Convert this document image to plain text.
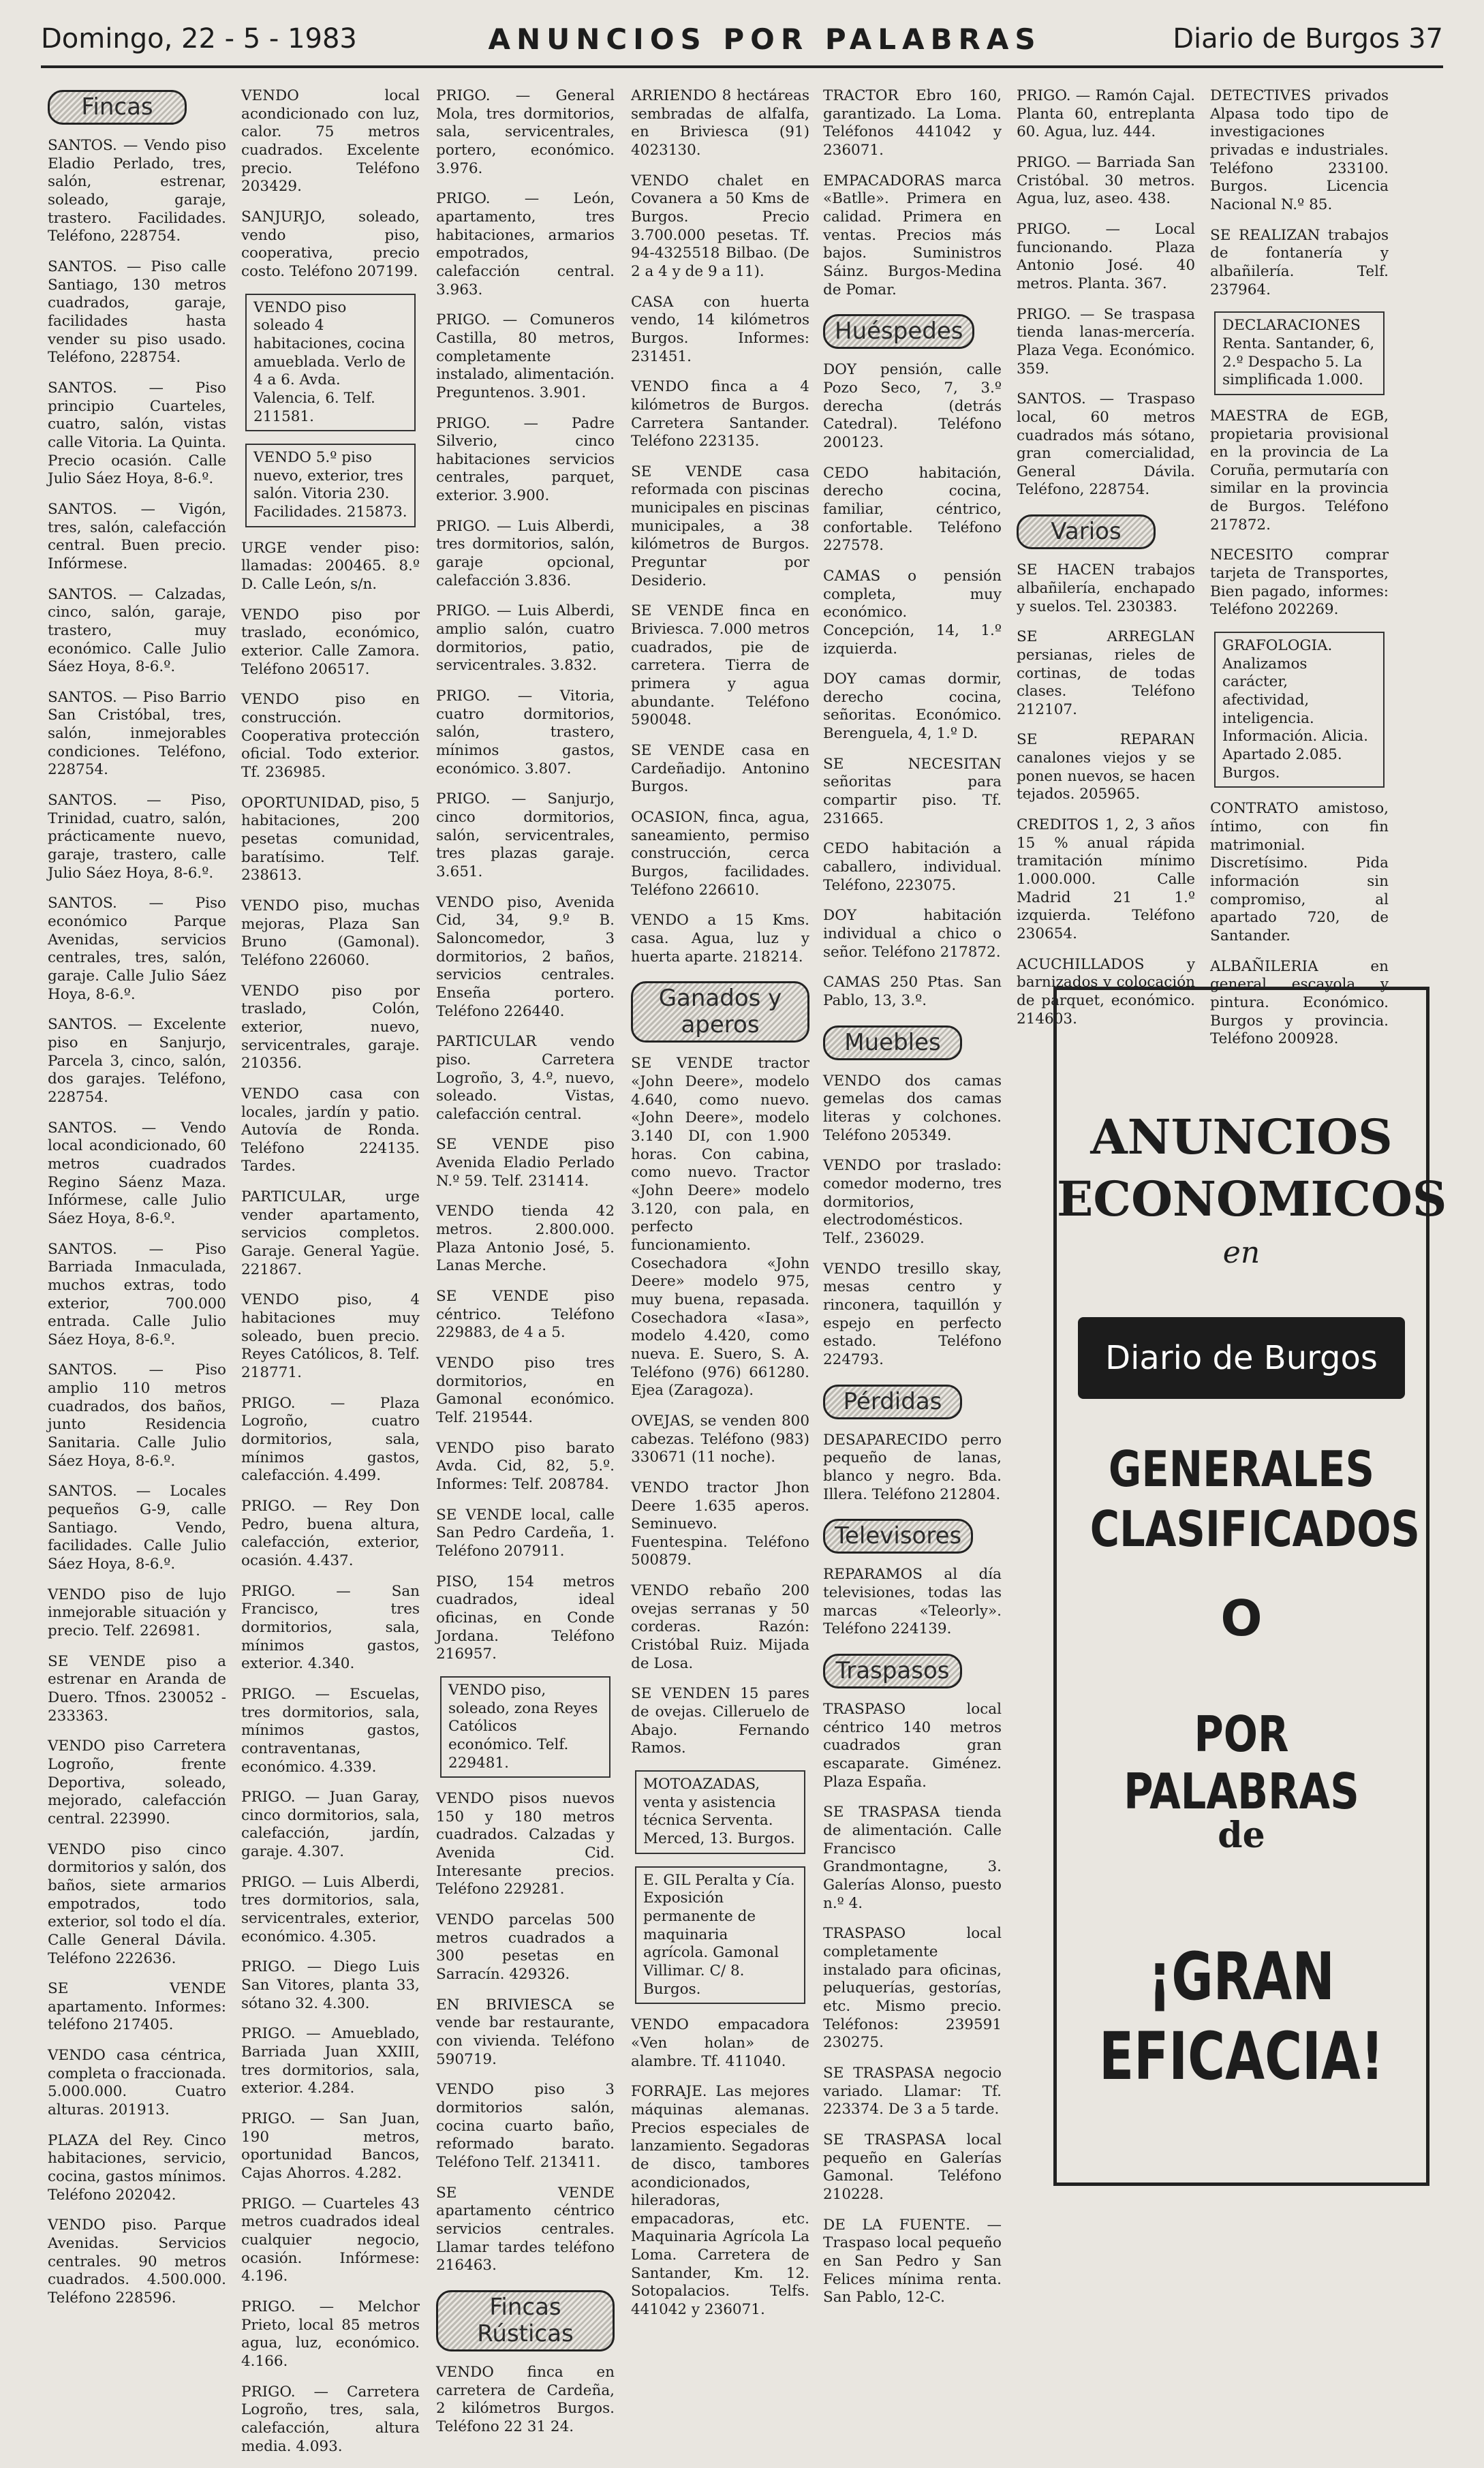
Domingo, 22 - 5 - 1983	ANUNCIOS POR PALABRAS	Diario de Burgos 37
Fincas
SANTOS. — Vendo piso Eladio Perlado, tres, salón, estrenar, soleado, garaje, trastero. Facilidades. Teléfono, 228754.
SANTOS. — Piso calle Santiago, 130 metros cuadrados, garaje, facilidades hasta vender su piso usado. Teléfono, 228754.
SANTOS. — Piso principio Cuarteles, cuatro, salón, vistas calle Vitoria. La Quinta. Precio ocasión. Calle Julio Sáez Hoya, 8-6.º.
SANTOS. — Vigón, tres, salón, calefacción central. Buen precio. Infórmese.
SANTOS. — Calzadas, cinco, salón, garaje, trastero, muy económico. Calle Julio Sáez Hoya, 8-6.º.
SANTOS. — Piso Barrio San Cristóbal, tres, salón, inmejorables condiciones. Teléfono, 228754.
SANTOS. — Piso, Trinidad, cuatro, salón, prácticamente nuevo, garaje, trastero, calle Julio Sáez Hoya, 8-6.º.
SANTOS. — Piso económico Parque Avenidas, servicios centrales, tres, salón, garaje. Calle Julio Sáez Hoya, 8-6.º.
SANTOS. — Excelente piso en Sanjurjo, Parcela 3, cinco, salón, dos garajes. Teléfono, 228754.
SANTOS. — Vendo local acondicionado, 60 metros cuadrados Regino Sáenz Maza. Infórmese, calle Julio Sáez Hoya, 8-6.º.
SANTOS. — Piso Barriada Inmaculada, muchos extras, todo exterior, 700.000 entrada. Calle Julio Sáez Hoya, 8-6.º.
SANTOS. — Piso amplio 110 metros cuadrados, dos baños, junto Residencia Sanitaria. Calle Julio Sáez Hoya, 8-6.º.
SANTOS. — Locales pequeños G-9, calle Santiago. Vendo, facilidades. Calle Julio Sáez Hoya, 8-6.º.
VENDO piso de lujo inmejorable situación y precio. Telf. 226981.
SE VENDE piso a estrenar en Aranda de Duero. Tfnos. 230052 - 233363.
VENDO piso Carretera Logroño, frente Deportiva, soleado, mejorado, calefacción central. 223990.
VENDO piso cinco dormitorios y salón, dos baños, siete armarios empotrados, todo exterior, sol todo el día. Calle General Dávila. Teléfono 222636.
SE VENDE apartamento. Informes: teléfono 217405.
VENDO casa céntrica, completa o fraccionada. 5.000.000. Cuatro alturas. 201913.
PLAZA del Rey. Cinco habitaciones, servicio, cocina, gastos mínimos. Teléfono 202042.
VENDO piso. Parque Avenidas. Servicios centrales. 90 metros cuadrados. 4.500.000. Teléfono 228596.
VENDO local acondicionado con luz, calor. 75 metros cuadrados. Excelente precio. Teléfono 203429.
SANJURJO, soleado, vendo piso, cooperativa, precio costo. Teléfono 207199.
VENDO piso soleado 4 habitaciones, cocina amueblada. Verlo de 4 a 6. Avda. Valencia, 6. Telf. 211581.
VENDO 5.º piso nuevo, exterior, tres salón. Vitoria 230. Facilidades. 215873.
URGE vender piso: llamadas: 200465. 8.º D. Calle León, s/n.
VENDO piso por traslado, económico, exterior. Calle Zamora. Teléfono 206517.
VENDO piso en construcción. Cooperativa protección oficial. Todo exterior. Tf. 236985.
OPORTUNIDAD, piso, 5 habitaciones, 200 pesetas comunidad, baratísimo. Telf. 238613.
VENDO piso, muchas mejoras, Plaza San Bruno (Gamonal). Teléfono 226060.
VENDO piso por traslado, Colón, exterior, nuevo, servicentrales, garaje. 210356.
VENDO casa con locales, jardín y patio. Autovía de Ronda. Teléfono 224135. Tardes.
PARTICULAR, urge vender apartamento, servicios completos. Garaje. General Yagüe. 221867.
VENDO piso, 4 habitaciones muy soleado, buen precio. Reyes Católicos, 8. Telf. 218771.
PRIGO. — Plaza Logroño, cuatro dormitorios, sala, mínimos gastos, calefacción. 4.499.
PRIGO. — Rey Don Pedro, buena altura, calefacción, exterior, ocasión. 4.437.
PRIGO. — San Francisco, tres dormitorios, sala, mínimos gastos, exterior. 4.340.
PRIGO. — Escuelas, tres dormitorios, sala, mínimos gastos, contraventanas, económico. 4.339.
PRIGO. — Juan Garay, cinco dormitorios, sala, calefacción, jardín, garaje. 4.307.
PRIGO. — Luis Alberdi, tres dormitorios, sala, servicentrales, exterior, económico. 4.305.
PRIGO. — Diego Luis San Vitores, planta 33, sótano 32. 4.300.
PRIGO. — Amueblado, Barriada Juan XXIII, tres dormitorios, sala, exterior. 4.284.
PRIGO. — San Juan, 190 metros, oportunidad Bancos, Cajas Ahorros. 4.282.
PRIGO. — Cuarteles 43 metros cuadrados ideal cualquier negocio, ocasión. Infórmese: 4.196.
PRIGO. — Melchor Prieto, local 85 metros agua, luz, económico. 4.166.
PRIGO. — Carretera Logroño, tres, sala, calefacción, altura media. 4.093.
PRIGO. — General Mola, tres dormitorios, sala, servicentrales, portero, económico. 3.976.
PRIGO. — León, apartamento, tres habitaciones, armarios empotrados, calefacción central. 3.963.
PRIGO. — Comuneros Castilla, 80 metros, completamente instalado, alimentación. Preguntenos. 3.901.
PRIGO. — Padre Silverio, cinco habitaciones servicios centrales, parquet, exterior. 3.900.
PRIGO. — Luis Alberdi, tres dormitorios, salón, garaje opcional, calefacción 3.836.
PRIGO. — Luis Alberdi, amplio salón, cuatro dormitorios, patio, servicentrales. 3.832.
PRIGO. — Vitoria, cuatro dormitorios, salón, trastero, mínimos gastos, económico. 3.807.
PRIGO. — Sanjurjo, cinco dormitorios, salón, servicentrales, tres plazas garaje. 3.651.
VENDO piso, Avenida Cid, 34, 9.º B. Saloncomedor, 3 dormitorios, 2 baños, servicios centrales. Enseña portero. Teléfono 226440.
PARTICULAR vendo piso. Carretera Logroño, 3, 4.º, nuevo, soleado. Vistas, calefacción central.
SE VENDE piso Avenida Eladio Perlado N.º 59. Telf. 231414.
VENDO tienda 42 metros. 2.800.000. Plaza Antonio José, 5. Lanas Merche.
SE VENDE piso céntrico. Teléfono 229883, de 4 a 5.
VENDO piso tres dormitorios, en Gamonal económico. Telf. 219544.
VENDO piso barato Avda. Cid, 82, 5.º. Informes: Telf. 208784.
SE VENDE local, calle San Pedro Cardeña, 1. Teléfono 207911.
PISO, 154 metros cuadrados, ideal oficinas, en Conde Jordana. Teléfono 216957.
VENDO piso, soleado, zona Reyes Católicos económico. Telf. 229481.
VENDO pisos nuevos 150 y 180 metros cuadrados. Calzadas y Avenida Cid. Interesante precios. Teléfono 229281.
VENDO parcelas 500 metros cuadrados a 300 pesetas en Sarracín. 429326.
EN BRIVIESCA se vende bar restaurante, con vivienda. Teléfono 590719.
VENDO piso 3 dormitorios salón, cocina cuarto baño, reformado barato. Teléfono Telf. 213411.
SE VENDE apartamento céntrico servicios centrales. Llamar tardes teléfono 216463.
Fincas Rústicas
VENDO finca en carretera de Cardeña, 2 kilómetros Burgos. Teléfono 22 31 24.
ARRIENDO 8 hectáreas sembradas de alfalfa, en Briviesca (91) 4023130.
VENDO chalet en Covanera a 50 Kms de Burgos. Precio 3.700.000 pesetas. Tf. 94-4325518 Bilbao. (De 2 a 4 y de 9 a 11).
CASA con huerta vendo, 14 kilómetros Burgos. Informes: 231451.
VENDO finca a 4 kilómetros de Burgos. Carretera Santander. Teléfono 223135.
SE VENDE casa reformada con piscinas municipales en piscinas municipales, a 38 kilómetros de Burgos. Preguntar por Desiderio.
SE VENDE finca en Briviesca. 7.000 metros cuadrados, pie de carretera. Tierra de primera y agua abundante. Teléfono 590048.
SE VENDE casa en Cardeñadijo. Antonino Burgos.
OCASION, finca, agua, saneamiento, permiso construcción, cerca Burgos, facilidades. Teléfono 226610.
VENDO a 15 Kms. casa. Agua, luz y huerta aparte. 218214.
Ganados y aperos
SE VENDE tractor «John Deere», modelo 4.640, como nuevo. «John Deere», modelo 3.140 DI, con 1.900 horas. Con cabina, como nuevo. Tractor «John Deere» modelo 3.120, con pala, en perfecto funcionamiento. Cosechadora «John Deere» modelo 975, muy buena, repasada. Cosechadora «Iasa», modelo 4.420, como nueva. E. Suero, S. A. Teléfono (976) 661280. Ejea (Zaragoza).
OVEJAS, se venden 800 cabezas. Teléfono (983) 330671 (11 noche).
VENDO tractor Jhon Deere 1.635 aperos. Seminuevo. Fuentespina. Teléfono 500879.
VENDO rebaño 200 ovejas serranas y 50 corderas. Razón: Cristóbal Ruiz. Mijada de Losa.
SE VENDEN 15 pares de ovejas. Cilleruelo de Abajo. Fernando Ramos.
MOTOAZADAS, venta y asistencia técnica Serventa. Merced, 13. Burgos.
E. GIL Peralta y Cía. Exposición permanente de maquinaria agrícola. Gamonal Villimar. C/ 8. Burgos.
VENDO empacadora «Ven holan» de alambre. Tf. 411040.
FORRAJE. Las mejores máquinas alemanas. Precios especiales de lanzamiento. Segadoras de disco, tambores acondicionados, hileradoras, empacadoras, etc. Maquinaria Agrícola La Loma. Carretera de Santander, Km. 12. Sotopalacios. Telfs. 441042 y 236071.
TRACTOR Ebro 160, garantizado. La Loma. Teléfonos 441042 y 236071.
EMPACADORAS marca «Batlle». Primera en calidad. Primera en ventas. Precios más bajos. Suministros Sáinz. Burgos-Medina de Pomar.
Huéspedes
DOY pensión, calle Pozo Seco, 7, 3.º derecha (detrás Catedral). Teléfono 200123.
CEDO habitación, derecho cocina, familiar, céntrico, confortable. Teléfono 227578.
CAMAS o pensión completa, muy económico. Concepción, 14, 1.º izquierda.
DOY camas dormir, derecho cocina, señoritas. Económico. Berenguela, 4, 1.º D.
SE NECESITAN señoritas para compartir piso. Tf. 231665.
CEDO habitación a caballero, individual. Teléfono, 223075.
DOY habitación individual a chico o señor. Teléfono 217872.
CAMAS 250 Ptas. San Pablo, 13, 3.º.
Muebles
VENDO dos camas gemelas dos camas literas y colchones. Teléfono 205349.
VENDO por traslado: comedor moderno, tres dormitorios, electrodomésticos. Telf., 236029.
VENDO tresillo skay, mesas centro y rinconera, taquillón y espejo en perfecto estado. Teléfono 224793.
Pérdidas
DESAPARECIDO perro pequeño de lanas, blanco y negro. Bda. Illera. Teléfono 212804.
Televisores
REPARAMOS al día televisiones, todas las marcas «Teleorly». Teléfono 224139.
Traspasos
TRASPASO local céntrico 140 metros cuadrados gran escaparate. Giménez. Plaza España.
SE TRASPASA tienda de alimentación. Calle Francisco Grandmontagne, 3. Galerías Alonso, puesto n.º 4.
TRASPASO local completamente instalado para oficinas, peluquerías, gestorías, etc. Mismo precio. Teléfonos: 239591 230275.
SE TRASPASA negocio variado. Llamar: Tf. 223374. De 3 a 5 tarde.
SE TRASPASA local pequeño en Galerías Gamonal. Teléfono 210228.
DE LA FUENTE. — Traspaso local pequeño en San Pedro y San Felices mínima renta. San Pablo, 12-C.
PRIGO. — Ramón Cajal. Planta 60, entreplanta 60. Agua, luz. 444.
PRIGO. — Barriada San Cristóbal. 30 metros. Agua, luz, aseo. 438.
PRIGO. — Local funcionando. Plaza Antonio José. 40 metros. Planta. 367.
PRIGO. — Se traspasa tienda lanas-mercería. Plaza Vega. Económico. 359.
SANTOS. — Traspaso local, 60 metros cuadrados más sótano, gran comercialidad, General Dávila. Teléfono, 228754.
Varios
SE HACEN trabajos albañilería, enchapado y suelos. Tel. 230383.
SE ARREGLAN persianas, rieles de cortinas, de todas clases. Teléfono 212107.
SE REPARAN canalones viejos y se ponen nuevos, se hacen tejados. 205965.
CREDITOS 1, 2, 3 años 15 % anual rápida tramitación mínimo 1.000.000. Calle Madrid 21 1.º izquierda. Teléfono 230654.
ACUCHILLADOS y barnizados y colocación de parquet, económico. 214603.
DETECTIVES privados Alpasa todo tipo de investigaciones privadas e industriales. Teléfono 233100. Burgos. Licencia Nacional N.º 85.
SE REALIZAN trabajos de fontanería y albañilería. Telf. 237964.
DECLARACIONES Renta. Santander, 6, 2.º Despacho 5. La simplificada 1.000.
MAESTRA de EGB, propietaria provisional en la provincia de La Coruña, permutaría con similar en la provincia de Burgos. Teléfono 217872.
NECESITO comprar tarjeta de Transportes, Bien pagado, informes: Teléfono 202269.
GRAFOLOGIA. Analizamos carácter, afectividad, inteligencia. Información. Alicia. Apartado 2.085. Burgos.
CONTRATO amistoso, íntimo, con fin matrimonial. Discretísimo. Pida información sin compromiso, al apartado 720, de Santander.
ALBAÑILERIA en general escayola y pintura. Económico. Burgos y provincia. Teléfono 200928.
ANUNCIOS ECONOMICOS
en
Diario de Burgos
GENERALES CLASIFICADOS
O
POR PALABRAS
de
¡GRAN EFICACIA!
